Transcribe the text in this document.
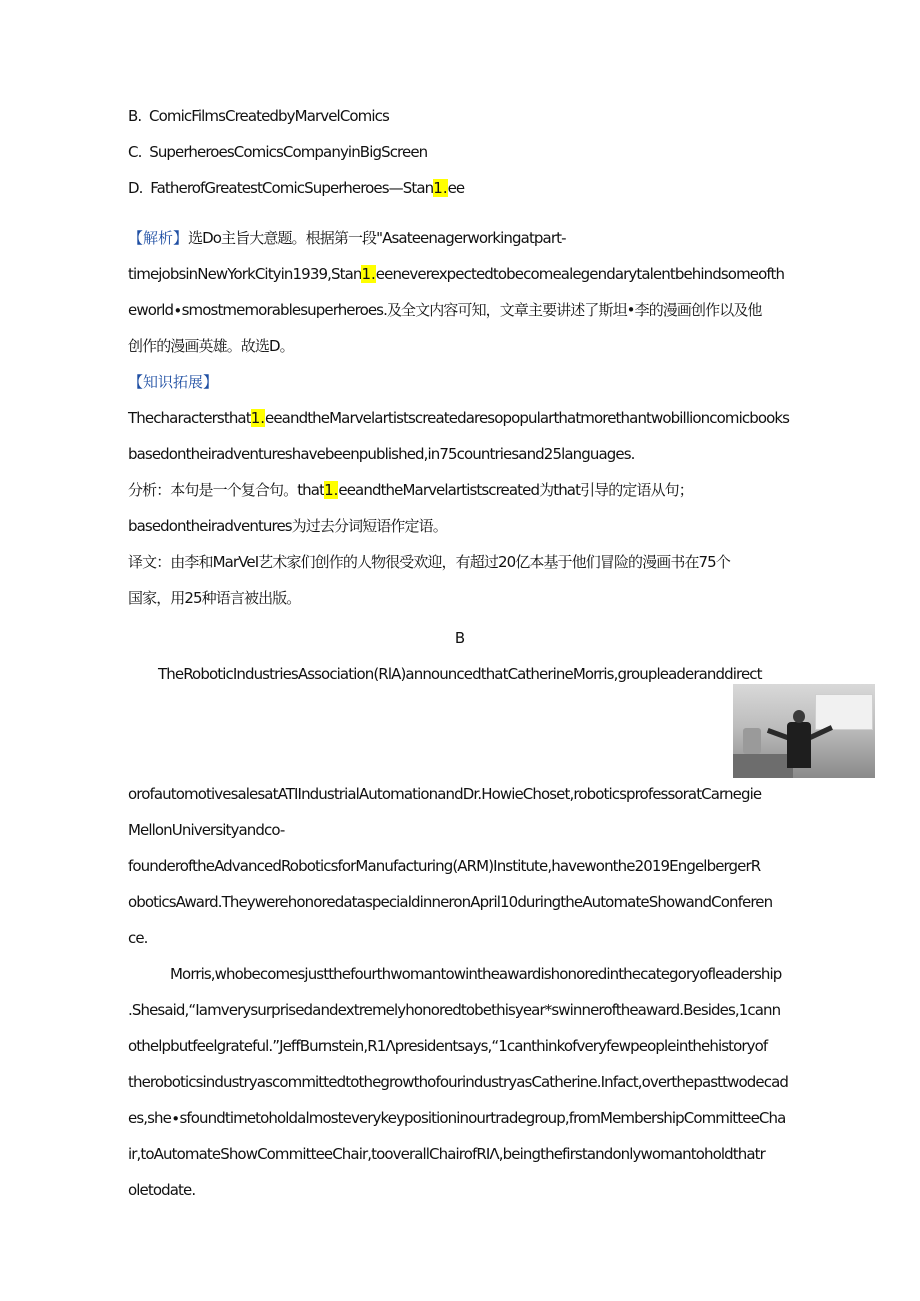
B. ComicFilmsCreatedbyMarvelComics
C. SuperheroesComicsCompanyinBigScreen
D. FatherofGreatestComicSuperheroes—Stan1.ee
【解析】选Do主旨大意题。根据第一段"Asateenagerworkingatpart-
timejobsinNewYorkCityin1939,Stan1.eeneverexpectedtobecomealegendarytalentbehindsomeofth
eworld∙smostmemorablesuperheroes.及全文内容可知，文章主要讲述了斯坦•李的漫画创作以及他
创作的漫画英雄。故选D。
【知识拓展】
Thecharactersthat1.eeandtheMarvelartistscreatedaresopopularthatmorethantwobillioncomicbooks
basedontheiradventureshavebeenpublished,in75countriesand25languages.
分析：本句是一个复合句。that1.eeandtheMarvelartistscreated为that引导的定语从句；
basedontheiradventures为过去分词短语作定语。
译文：由李和MarVeI艺术家们创作的人物很受欢迎，有超过20亿本基于他们冒险的漫画书在75个
国家，用25种语言被出版。
B
TheRoboticIndustriesAssociation(RlA)announcedthatCatherineMorris,groupleaderanddirect
orofautomotivesalesatATIIndustrialAutomationandDr.HowieChoset,roboticsprofessoratCarnegie
MellonUniversityandco-
founderoftheAdvancedRoboticsforManufacturing(ARM)Institute,havewonthe2019EngelbergerR
oboticsAward.TheywerehonoredataspecialdinneronApril10duringtheAutomateShowandConferen
ce.
Morris,whobecomesjustthefourthwomantowintheawardishonoredinthecategoryofleadership
.Shesaid,“Iamverysurprisedandextremelyhonoredtobethisyear*swinneroftheaward.Besides,1cann
othelpbutfeelgrateful.”JeffBurnstein,R1Λpresidentsays,“1canthinkofveryfewpeopleinthehistoryof
theroboticsindustryascommittedtothegrowthofourindustryasCatherine.Infact,overthepasttwodecad
es,she∙sfoundtimetoholdalmosteverykeypositioninourtradegroup,fromMembershipCommitteeCha
ir,toAutomateShowCommitteeChair,tooverallChairofRIΛ,beingthefirstandonlywomantoholdthatr
oletodate.
